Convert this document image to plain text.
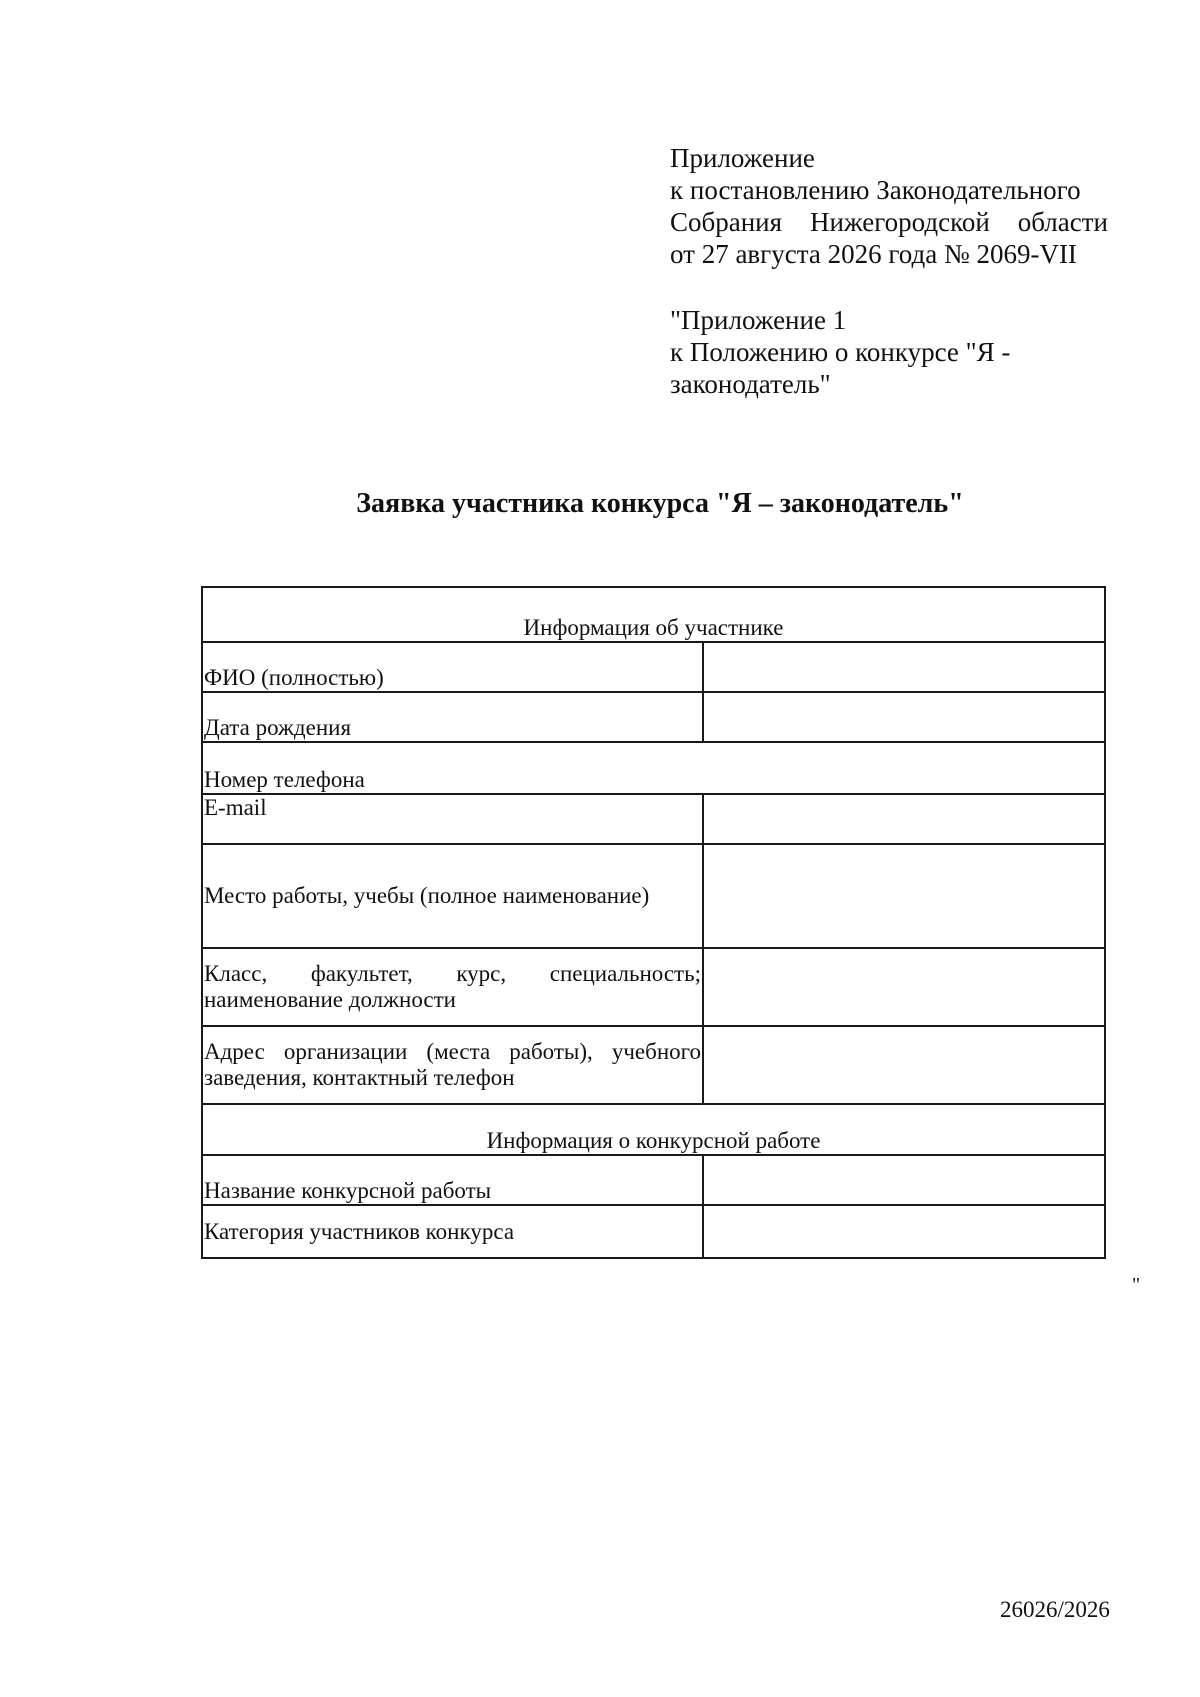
Приложение
к постановлению Законодательного
Собрания Нижегородской области
от 27 августа 2026 года № 2069-VII
"Приложение 1
к Положению о конкурсе "Я -
законодатель"
Заявка участника конкурса "Я – законодатель"
Информация об участнике	
ФИО (полностью)	
Дата рождения	
Номер телефона	
E-mail	
Место работы, учебы (полное наименование)	
Класс, факультет, курс, специальность; наименование должности	
Адрес организации (места работы), учебного заведения, контактный телефон	
Информация о конкурсной работе	
Название конкурсной работы	
Категория участников конкурса	
"
26026/2026
